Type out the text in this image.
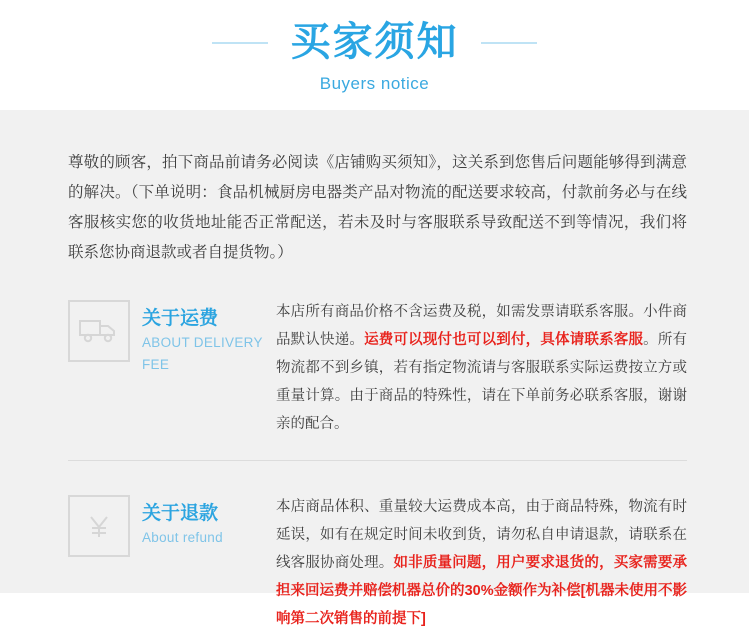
买家须知
Buyers notice
尊敬的顾客，拍下商品前请务必阅读《店铺购买须知》，这关系到您售后问题能够得到满意的解决。（下单说明：食品机械厨房电器类产品对物流的配送要求较高，付款前务必与在线客服核实您的收货地址能否正常配送，若未及时与客服联系导致配送不到等情况，我们将联系您协商退款或者自提货物。）
关于运费
ABOUT DELIVERY FEE
本店所有商品价格不含运费及税，如需发票请联系客服。小件商品默认快递。运费可以现付也可以到付，具体请联系客服。所有物流都不到乡镇，若有指定物流请与客服联系实际运费按立方或重量计算。由于商品的特殊性，请在下单前务必联系客服，谢谢亲的配合。
关于退款
About refund
本店商品体积、重量较大运费成本高，由于商品特殊，物流有时延误，如有在规定时间未收到货，请勿私自申请退款，请联系在线客服协商处理。如非质量问题，用户要求退货的，买家需要承担来回运费并赔偿机器总价的30%金额作为补偿[机器未使用不影响第二次销售的前提下]
